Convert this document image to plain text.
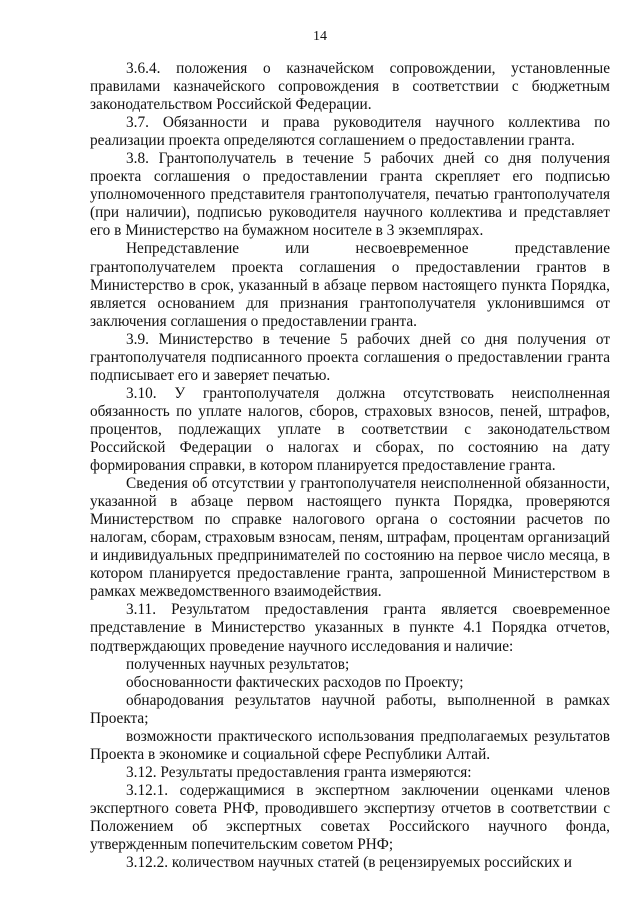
14

3.6.4. положения о казначейском сопровождении, установленные правилами казначейского сопровождения в соответствии с бюджетным законодательством Российской Федерации.

3.7. Обязанности и права руководителя научного коллектива по реализации проекта определяются соглашением о предоставлении гранта.

3.8. Грантополучатель в течение 5 рабочих дней со дня получения проекта соглашения о предоставлении гранта скрепляет его подписью уполномоченного представителя грантополучателя, печатью грантополучателя (при наличии), подписью руководителя научного коллектива и представляет его в Министерство на бумажном носителе в 3 экземплярах.

Непредставление или несвоевременное представление грантополучателем проекта соглашения о предоставлении грантов в Министерство в срок, указанный в абзаце первом настоящего пункта Порядка, является основанием для признания грантополучателя уклонившимся от заключения соглашения о предоставлении гранта.

3.9. Министерство в течение 5 рабочих дней со дня получения от грантополучателя подписанного проекта соглашения о предоставлении гранта подписывает его и заверяет печатью.

3.10. У грантополучателя должна отсутствовать неисполненная обязанность по уплате налогов, сборов, страховых взносов, пеней, штрафов, процентов, подлежащих уплате в соответствии с законодательством Российской Федерации о налогах и сборах, по состоянию на дату формирования справки, в котором планируется предоставление гранта.

Сведения об отсутствии у грантополучателя неисполненной обязанности, указанной в абзаце первом настоящего пункта Порядка, проверяются Министерством по справке налогового органа о состоянии расчетов по налогам, сборам, страховым взносам, пеням, штрафам, процентам организаций и индивидуальных предпринимателей по состоянию на первое число месяца, в котором планируется предоставление гранта, запрошенной Министерством в рамках межведомственного взаимодействия.

3.11. Результатом предоставления гранта является своевременное представление в Министерство указанных в пункте 4.1 Порядка отчетов, подтверждающих проведение научного исследования и наличие:

полученных научных результатов;

обоснованности фактических расходов по Проекту;

обнародования результатов научной работы, выполненной в рамках Проекта;

возможности практического использования предполагаемых результатов Проекта в экономике и социальной сфере Республики Алтай.

3.12. Результаты предоставления гранта измеряются:

3.12.1. содержащимися в экспертном заключении оценками членов экспертного совета РНФ, проводившего экспертизу отчетов в соответствии с Положением об экспертных советах Российского научного фонда, утвержденным попечительским советом РНФ;

3.12.2. количеством научных статей (в рецензируемых российских и
